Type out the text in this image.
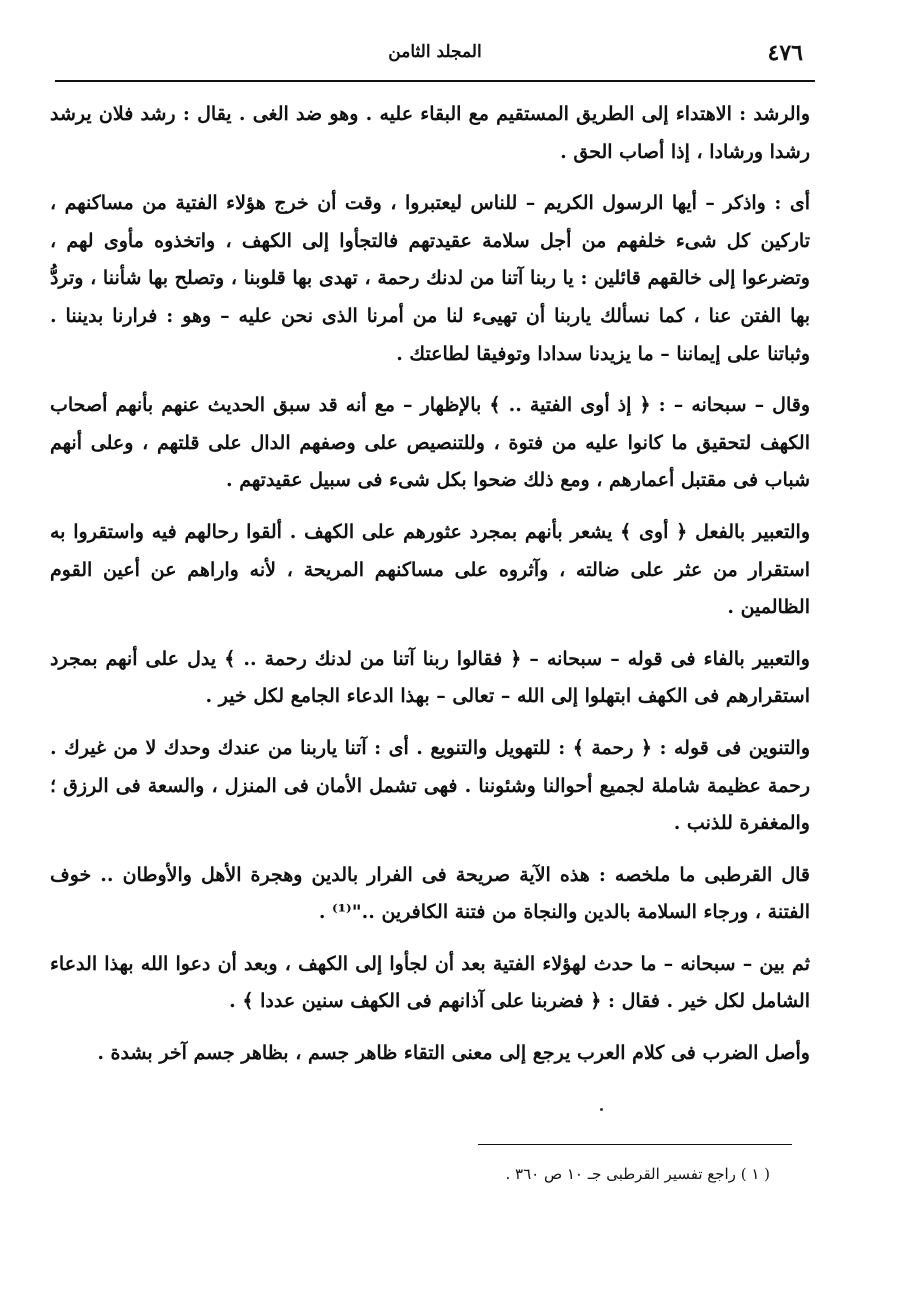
٤٧٦
المجلد الثامن

والرشد : الاهتداء إلى الطريق المستقيم مع البقاء عليه . وهو ضد الغى . يقال : رشد فلان يرشد رشدا ورشادا ، إذا أصاب الحق .

أى : واذكر – أيها الرسول الكريم – للناس ليعتبروا ، وقت أن خرج هؤلاء الفتية من مساكنهم ، تاركين كل شىء خلفهم من أجل سلامة عقيدتهم فالتجأوا إلى الكهف ، واتخذوه مأوى لهم ، وتضرعوا إلى خالقهم قائلين : يا ربنا آتنا من لدنك رحمة ، تهدى بها قلوبنا ، وتصلح بها شأننا ، وتردُّ بها الفتن عنا ، كما نسألك ياربنا أن تهيىء لنا من أمرنا الذى نحن عليه – وهو : فرارنا بديننا . وثباتنا على إيماننا – ما يزيدنا سدادا وتوفيقا لطاعتك .

وقال – سبحانه – : ﴿ إذ أوى الفتية .. ﴾ بالإظهار – مع أنه قد سبق الحديث عنهم بأنهم أصحاب الكهف لتحقيق ما كانوا عليه من فتوة ، وللتنصيص على وصفهم الدال على قلتهم ، وعلى أنهم شباب فى مقتبل أعمارهم ، ومع ذلك ضحوا بكل شىء فى سبيل عقيدتهم .

والتعبير بالفعل ﴿ أوى ﴾ يشعر بأنهم بمجرد عثورهم على الكهف . ألقوا رحالهم فيه واستقروا به استقرار من عثر على ضالته ، وآثروه على مساكنهم المريحة ، لأنه واراهم عن أعين القوم الظالمين .

والتعبير بالفاء فى قوله – سبحانه – ﴿ فقالوا ربنا آتنا من لدنك رحمة .. ﴾ يدل على أنهم بمجرد استقرارهم فى الكهف ابتهلوا إلى الله – تعالى – بهذا الدعاء الجامع لكل خير .

والتنوين فى قوله : ﴿ رحمة ﴾ : للتهويل والتنويع . أى : آتنا ياربنا من عندك وحدك لا من غيرك . رحمة عظيمة شاملة لجميع أحوالنا وشئوننا . فهى تشمل الأمان فى المنزل ، والسعة فى الرزق ؛ والمغفرة للذنب .

قال القرطبى ما ملخصه : هذه الآية صريحة فى الفرار بالدين وهجرة الأهل والأوطان .. خوف الفتنة ، ورجاء السلامة بالدين والنجاة من فتنة الكافرين .."⁽¹⁾ .

ثم بين – سبحانه – ما حدث لهؤلاء الفتية بعد أن لجأوا إلى الكهف ، وبعد أن دعوا الله بهذا الدعاء الشامل لكل خير . فقال : ﴿ فضربنا على آذانهم فى الكهف سنين عددا ﴾ .

وأصل الضرب فى كلام العرب يرجع إلى معنى التقاء ظاهر جسم ، بظاهر جسم آخر بشدة .

( ١ ) راجع تفسير القرطبى جـ ١٠ ص ٣٦٠ .
